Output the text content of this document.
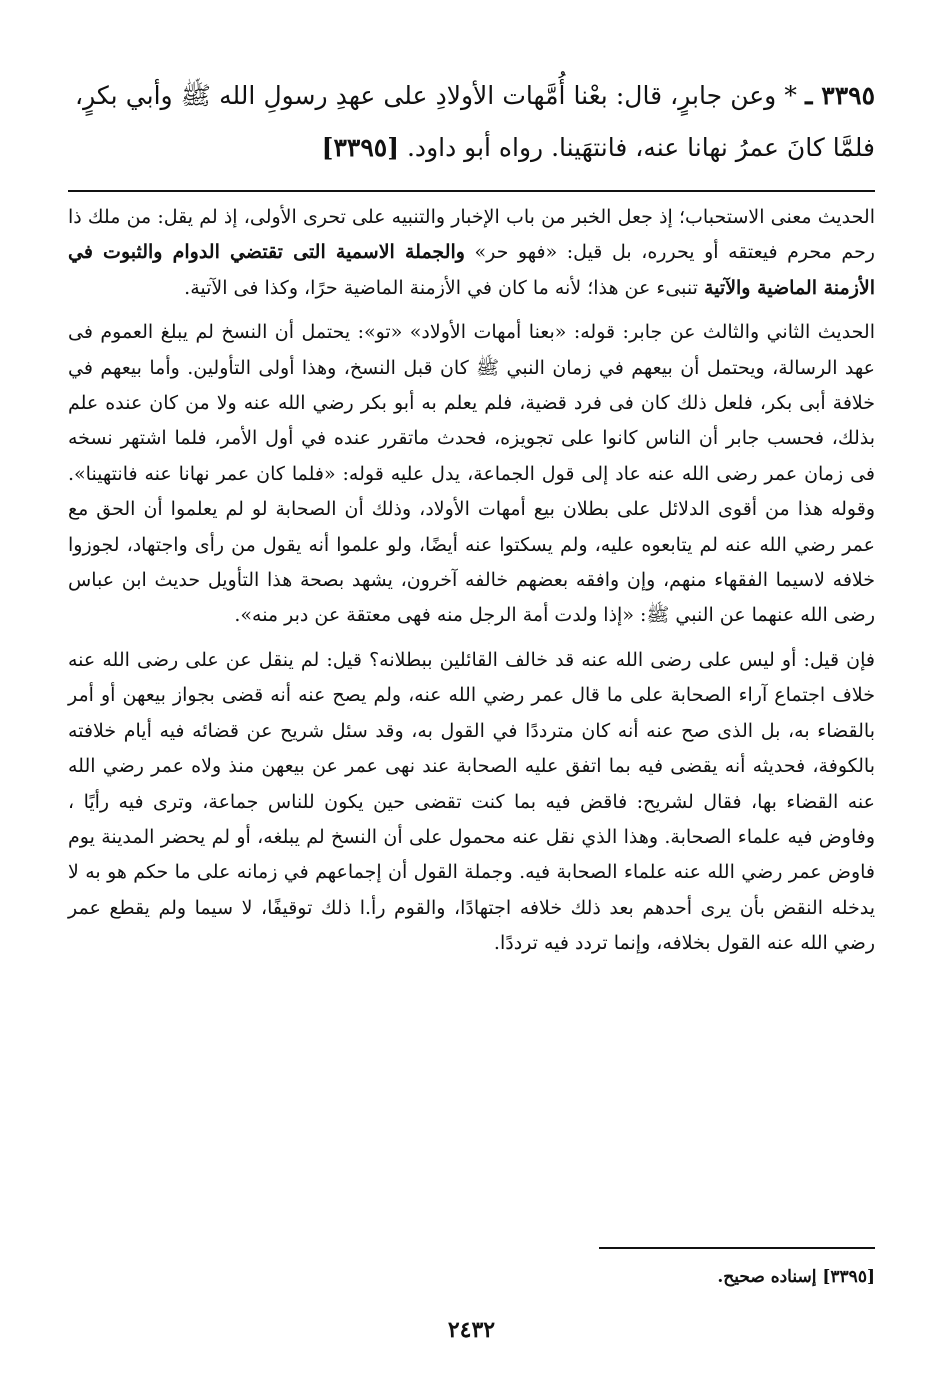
٣٣٩٥ ـ * وعن جابرٍ، قال: بعْنا أُمَّهات الأولادِ على عهدِ رسولِ الله ﷺ وأبي بكرٍ، فلمَّا كانَ عمرُ نهانا عنه، فانتهَينا. رواه أبو داود. [٣٣٩٥]

الحديث معنى الاستحباب؛ إذ جعل الخبر من باب الإخبار والتنبيه على تحرى الأولى، إذ لم يقل: من ملك ذا رحم محرم فيعتقه أو يحرره، بل قيل: «فهو حر» والجملة الاسمية التى تقتضي الدوام والثبوت في الأزمنة الماضية والآتية تنبىء عن هذا؛ لأنه ما كان في الأزمنة الماضية حرًا، وكذا فى الآتية.

الحديث الثاني والثالث عن جابر: قوله: «بعنا أمهات الأولاد» «تو»: يحتمل أن النسخ لم يبلغ العموم فى عهد الرسالة، ويحتمل أن بيعهم في زمان النبي ﷺ كان قبل النسخ، وهذا أولى التأولين. وأما بيعهم في خلافة أبى بكر، فلعل ذلك كان فى فرد قضية، فلم يعلم به أبو بكر رضي الله عنه ولا من كان عنده علم بذلك، فحسب جابر أن الناس كانوا على تجويزه، فحدث ماتقرر عنده في أول الأمر، فلما اشتهر نسخه فى زمان عمر رضى الله عنه عاد إلى قول الجماعة، يدل عليه قوله: «فلما كان عمر نهانا عنه فانتهينا». وقوله هذا من أقوى الدلائل على بطلان بيع أمهات الأولاد، وذلك أن الصحابة لو لم يعلموا أن الحق مع عمر رضي الله عنه لم يتابعوه عليه، ولم يسكتوا عنه أيضًا، ولو علموا أنه يقول من رأى واجتهاد، لجوزوا خلافه لاسيما الفقهاء منهم، وإن وافقه بعضهم خالفه آخرون، يشهد بصحة هذا التأويل حديث ابن عباس رضى الله عنهما عن النبي ﷺ: «إذا ولدت أمة الرجل منه فهى معتقة عن دبر منه».

فإن قيل: أو ليس على رضى الله عنه قد خالف القائلين ببطلانه؟ قيل: لم ينقل عن على رضى الله عنه خلاف اجتماع آراء الصحابة على ما قال عمر رضي الله عنه، ولم يصح عنه أنه قضى بجواز بيعهن أو أمر بالقضاء به، بل الذى صح عنه أنه كان مترددًا في القول به، وقد سئل شريح عن قضائه فيه أيام خلافته بالكوفة، فحديثه أنه يقضى فيه بما اتفق عليه الصحابة عند نهى عمر عن بيعهن منذ ولاه عمر رضي الله عنه القضاء بها، فقال لشريح: فاقض فيه بما كنت تقضى حين يكون للناس جماعة، وترى فيه رأيًا ، وفاوض فيه علماء الصحابة. وهذا الذي نقل عنه محمول على أن النسخ لم يبلغه، أو لم يحضر المدينة يوم فاوض عمر رضي الله عنه علماء الصحابة فيه. وجملة القول أن إجماعهم في زمانه على ما حكم هو به لا يدخله النقض بأن يرى أحدهم بعد ذلك خلافه اجتهادًا، والقوم رأ.ا ذلك توقيفًا، لا سيما ولم يقطع عمر رضي الله عنه القول بخلافه، وإنما تردد فيه ترددًا.

[٣٣٩٥] إسناده صحيح.
٢٤٣٢
